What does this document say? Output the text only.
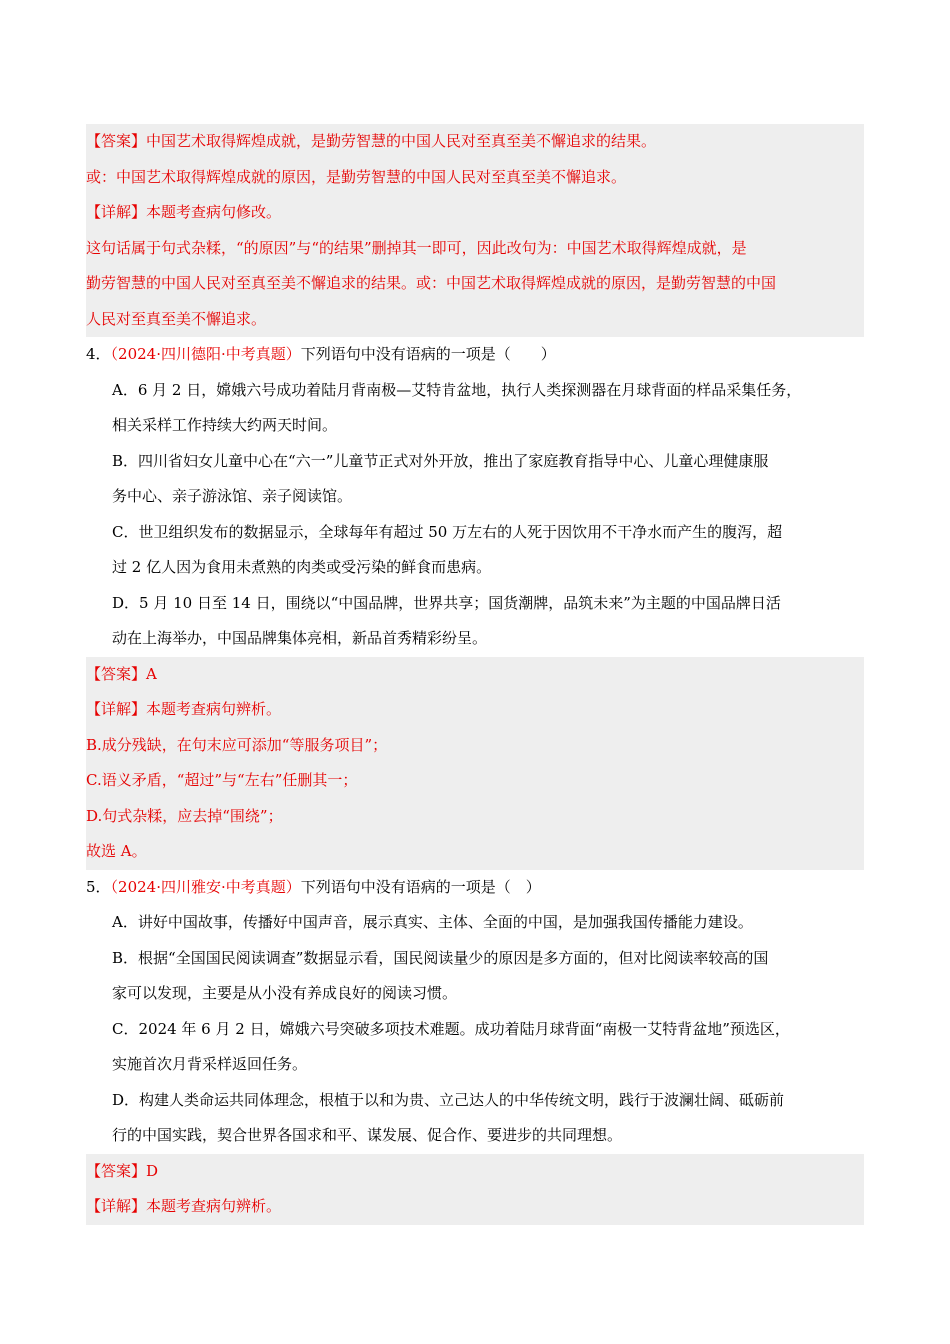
【答案】中国艺术取得辉煌成就，是勤劳智慧的中国人民对至真至美不懈追求的结果。
或：中国艺术取得辉煌成就的原因，是勤劳智慧的中国人民对至真至美不懈追求。
【详解】本题考查病句修改。
这句话属于句式杂糅，“的原因”与“的结果”删掉其一即可，因此改句为：中国艺术取得辉煌成就，是
勤劳智慧的中国人民对至真至美不懈追求的结果。或：中国艺术取得辉煌成就的原因，是勤劳智慧的中国
人民对至真至美不懈追求。
4．（2024·四川德阳·中考真题）下列语句中没有语病的一项是（　　）
A．6 月 2 日，嫦娥六号成功着陆月背南极—艾特肯盆地，执行人类探测器在月球背面的样品采集任务，
相关采样工作持续大约两天时间。
B．四川省妇女儿童中心在“六一”儿童节正式对外开放，推出了家庭教育指导中心、儿童心理健康服
务中心、亲子游泳馆、亲子阅读馆。
C．世卫组织发布的数据显示，全球每年有超过 50 万左右的人死于因饮用不干净水而产生的腹泻，超
过 2 亿人因为食用未煮熟的肉类或受污染的鲜食而患病。
D．5 月 10 日至 14 日，围绕以“中国品牌，世界共享；国货潮牌，品筑未来”为主题的中国品牌日活
动在上海举办，中国品牌集体亮相，新品首秀精彩纷呈。
【答案】A
【详解】本题考查病句辨析。
B.成分残缺，在句末应可添加“等服务项目”；
C.语义矛盾，“超过”与“左右”任删其一；
D.句式杂糅，应去掉“围绕”；
故选 A。
5．（2024·四川雅安·中考真题）下列语句中没有语病的一项是（　）
A．讲好中国故事，传播好中国声音，展示真实、主体、全面的中国，是加强我国传播能力建设。
B．根据“全国国民阅读调查”数据显示看，国民阅读量少的原因是多方面的，但对比阅读率较高的国
家可以发现，主要是从小没有养成良好的阅读习惯。
C．2024 年 6 月 2 日，嫦娥六号突破多项技术难题。成功着陆月球背面“南极一艾特背盆地”预选区，
实施首次月背采样返回任务。
D．构建人类命运共同体理念，根植于以和为贵、立己达人的中华传统文明，践行于波澜壮阔、砥砺前
行的中国实践，契合世界各国求和平、谋发展、促合作、要进步的共同理想。
【答案】D
【详解】本题考查病句辨析。
